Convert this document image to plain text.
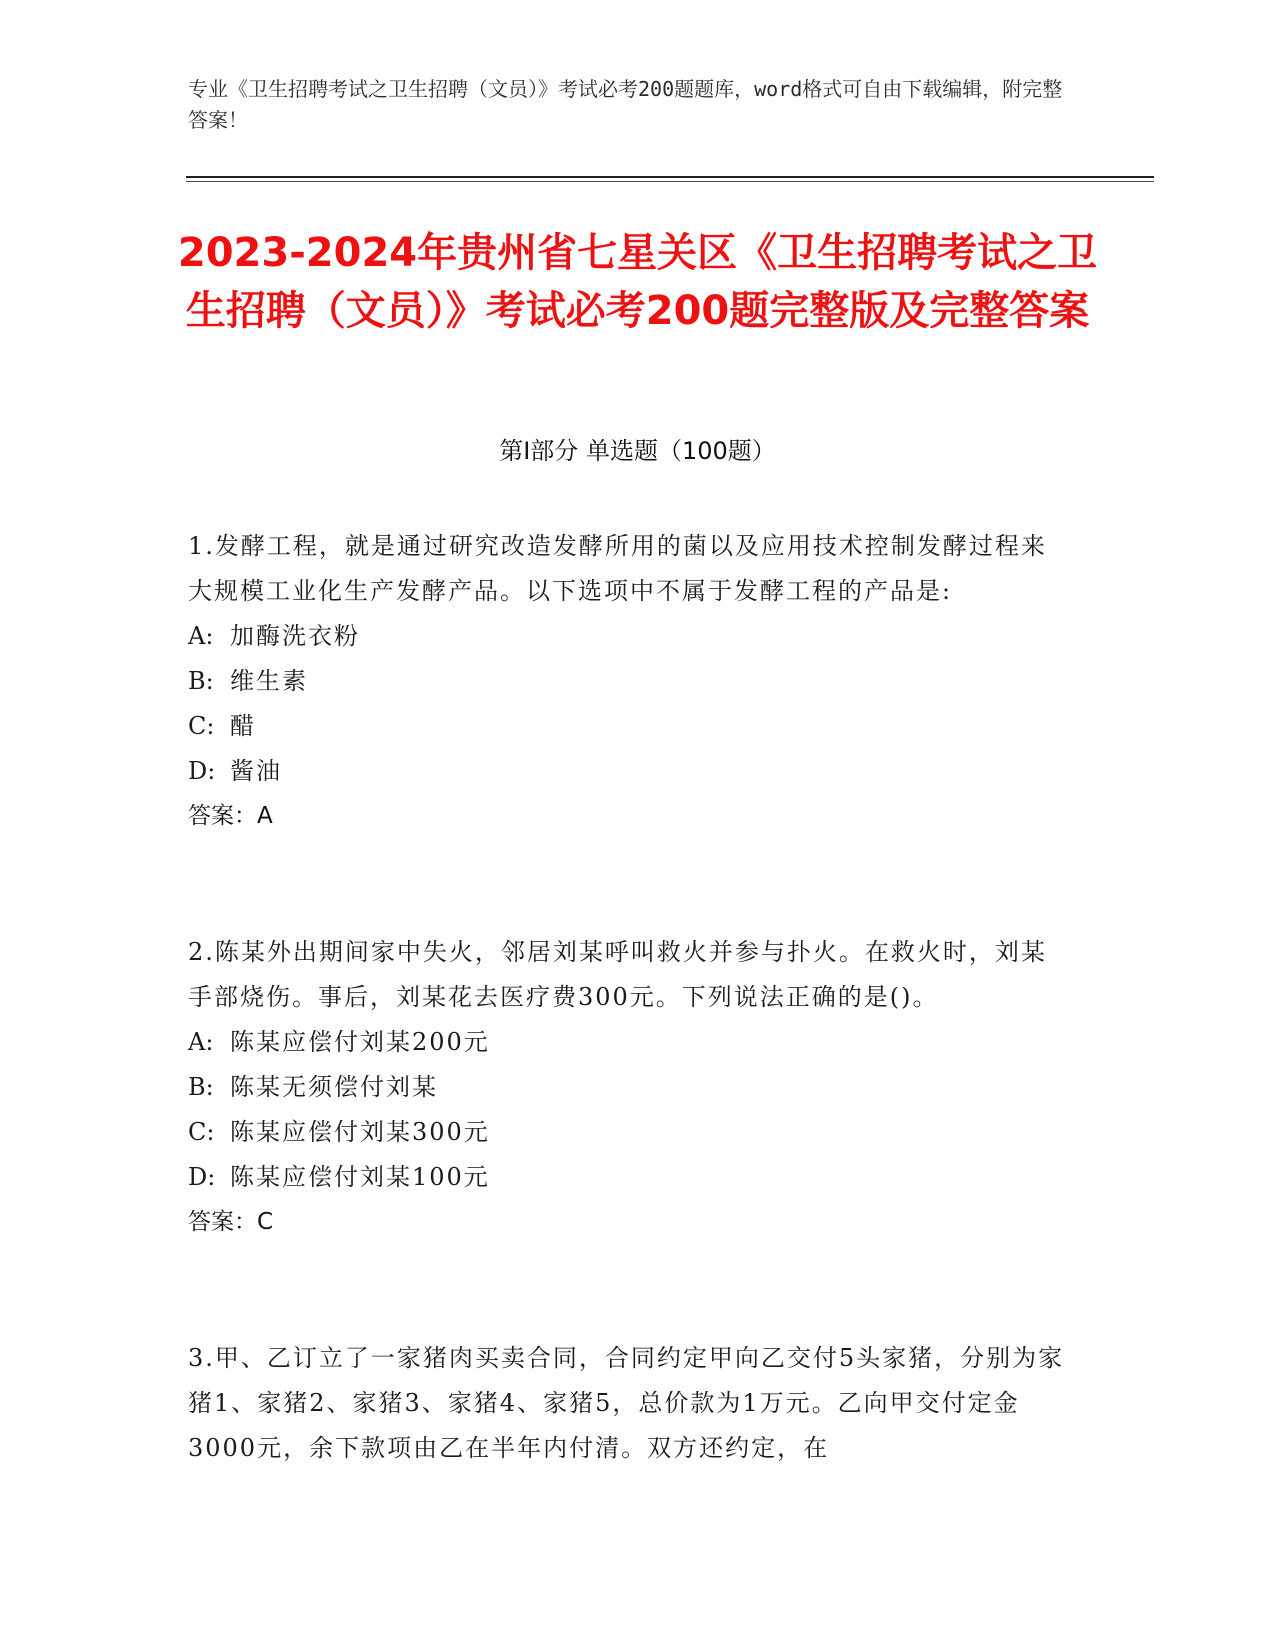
专业《卫生招聘考试之卫生招聘（文员）》考试必考200题题库，word格式可自由下载编辑，附完整答案！
2023-2024年贵州省七星关区《卫生招聘考试之卫生招聘（文员）》考试必考200题完整版及完整答案
第I部分 单选题（100题）
1.发酵工程，就是通过研究改造发酵所用的菌以及应用技术控制发酵过程来大规模工业化生产发酵产品。以下选项中不属于发酵工程的产品是:
A: 加酶洗衣粉
B: 维生素
C: 醋
D: 酱油
答案：A
2.陈某外出期间家中失火，邻居刘某呼叫救火并参与扑火。在救火时，刘某手部烧伤。事后，刘某花去医疗费300元。下列说法正确的是()。
A: 陈某应偿付刘某200元
B: 陈某无须偿付刘某
C: 陈某应偿付刘某300元
D: 陈某应偿付刘某100元
答案：C
3.甲、乙订立了一家猪肉买卖合同，合同约定甲向乙交付5头家猪，分别为家猪1、家猪2、家猪3、家猪4、家猪5，总价款为1万元。乙向甲交付定金3000元，余下款项由乙在半年内付清。双方还约定，在
